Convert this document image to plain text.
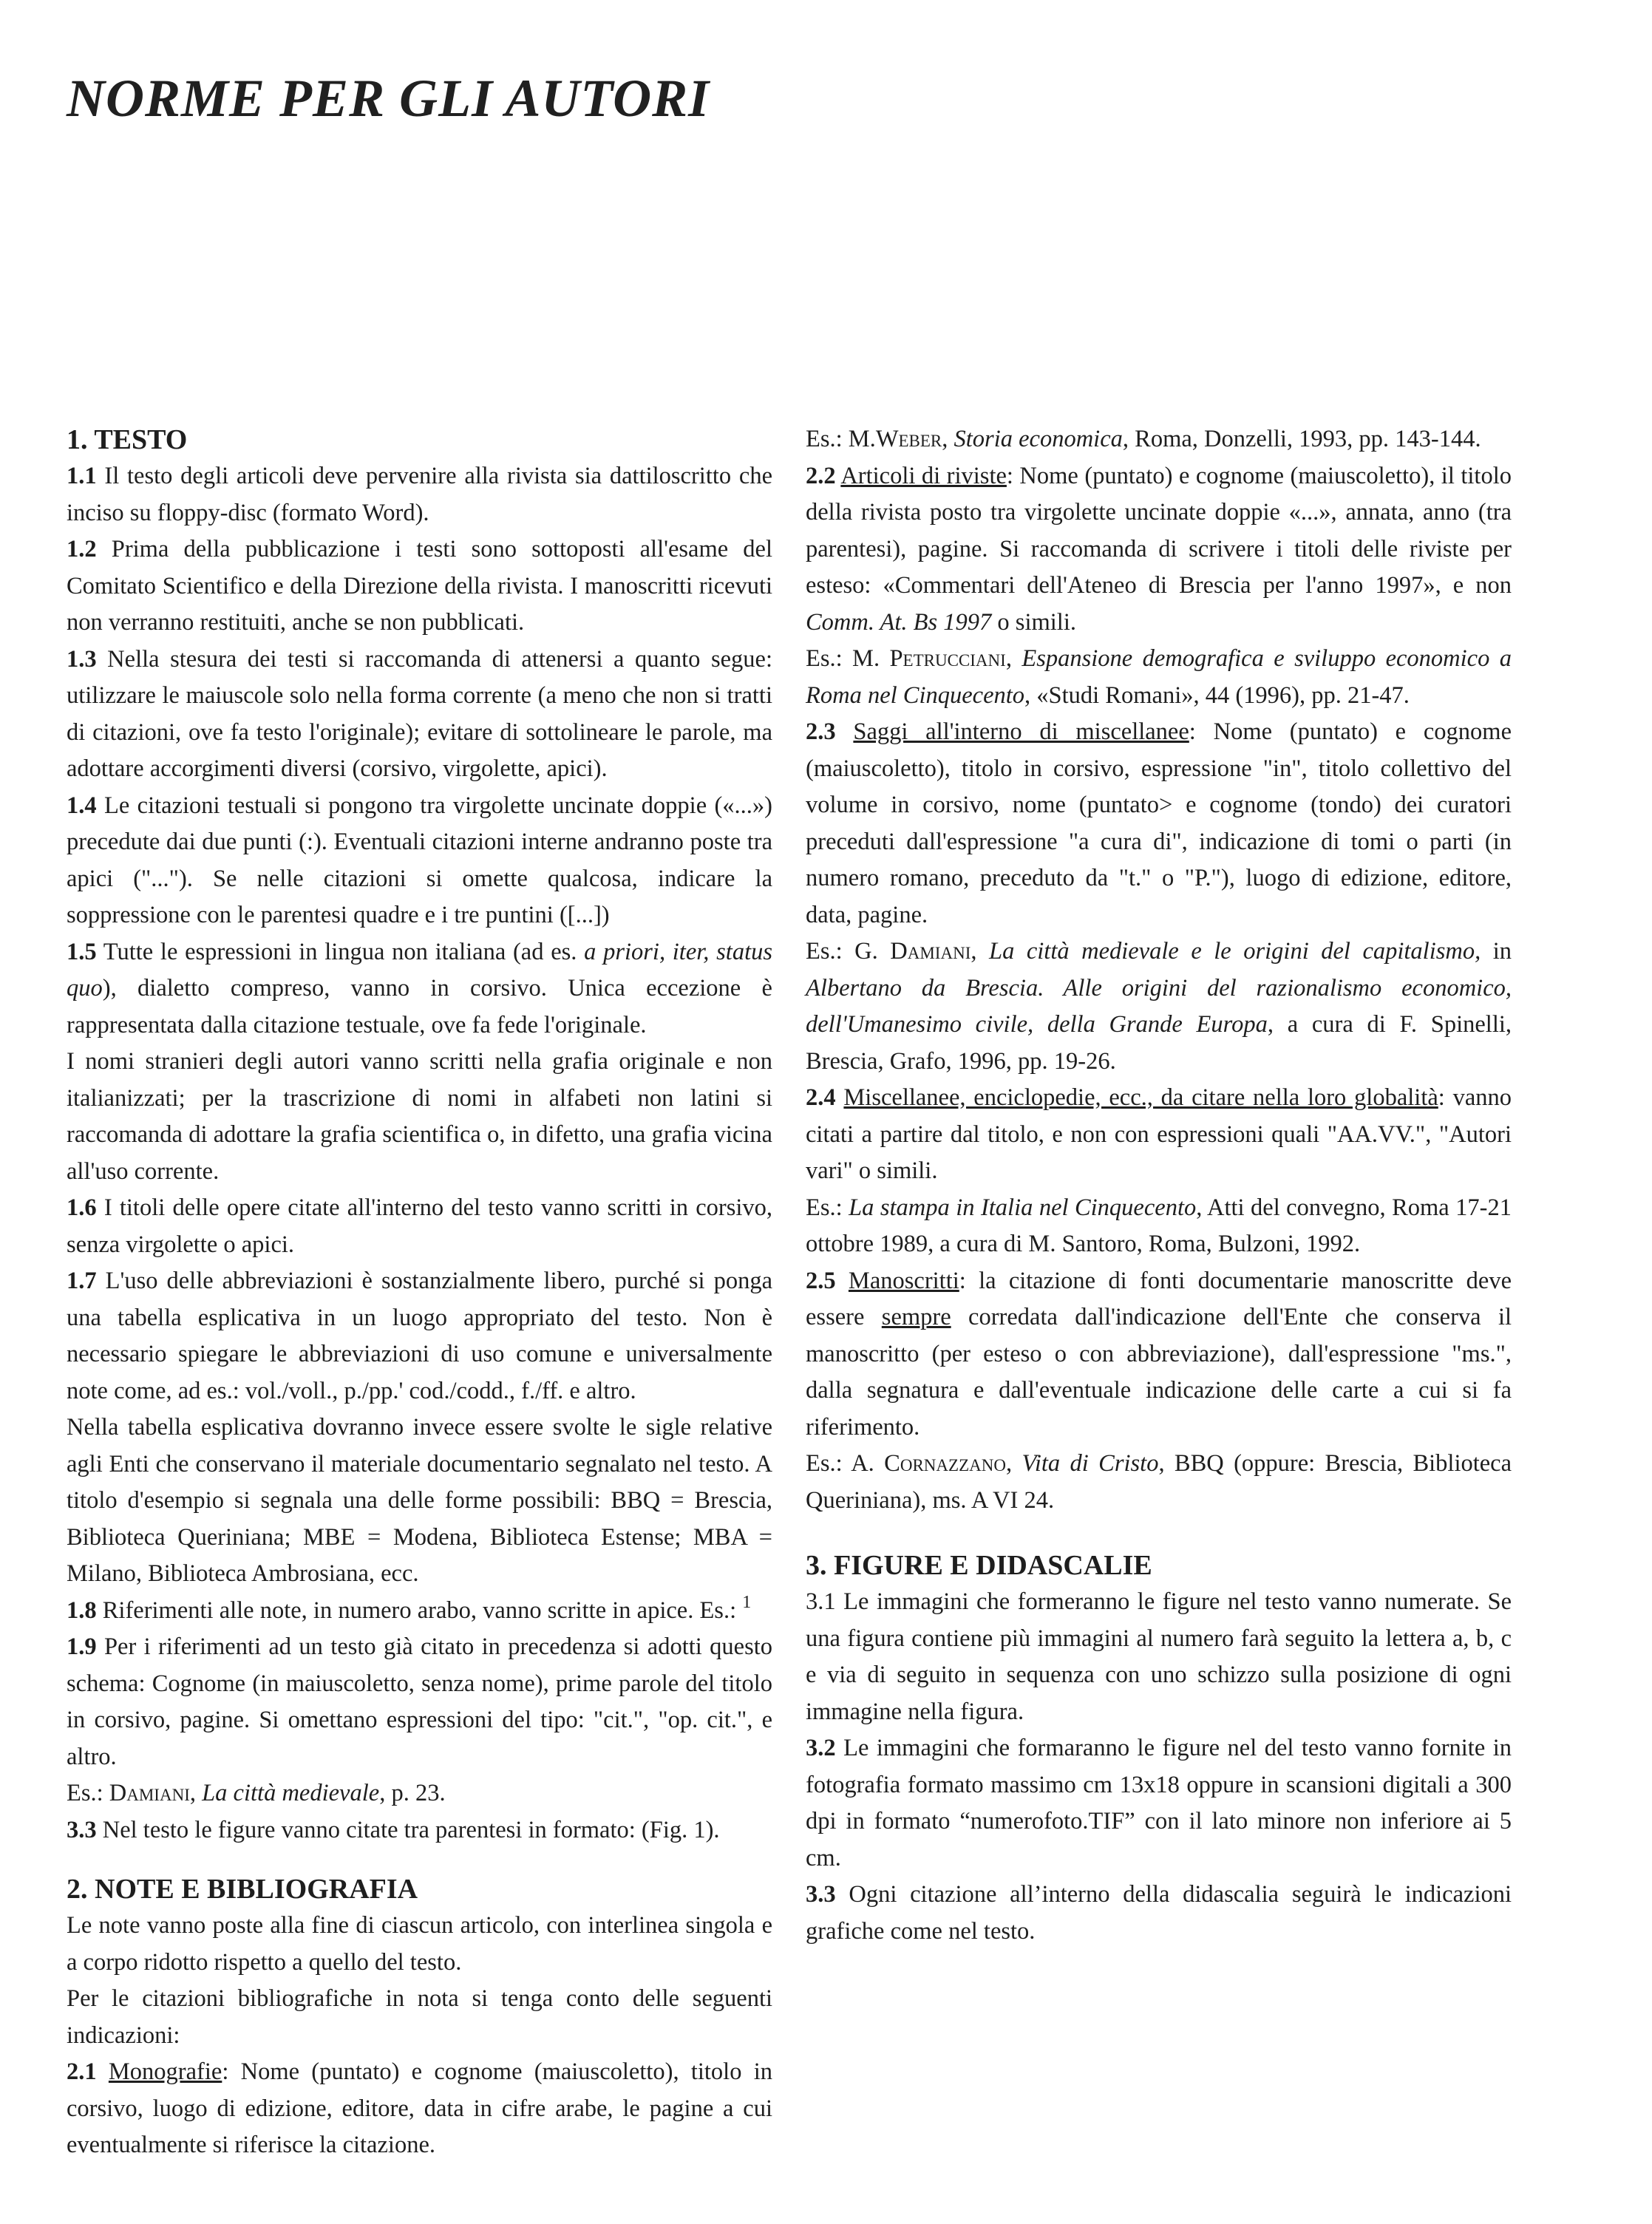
NORME PER GLI AUTORI
1. TESTO

1.1 Il testo degli articoli deve pervenire alla rivista sia dattiloscritto che inciso su floppy-disc (formato Word).

1.2 Prima della pubblicazione i testi sono sottoposti all'esame del Comitato Scientifico e della Direzione della rivista. I manoscritti ricevuti non verranno restituiti, anche se non pubblicati.

1.3 Nella stesura dei testi si raccomanda di attenersi a quanto segue: utilizzare le maiuscole solo nella forma corrente (a meno che non si tratti di citazioni, ove fa testo l'originale); evitare di sottolineare le parole, ma adottare accorgimenti diversi (corsivo, virgolette, apici).

1.4 Le citazioni testuali si pongono tra virgolette uncinate doppie («...») precedute dai due punti (:). Eventuali citazioni interne andranno poste tra apici ("..."). Se nelle citazioni si omette qualcosa, indicare la soppressione con le parentesi quadre e i tre puntini ([...])

1.5 Tutte le espressioni in lingua non italiana (ad es. a priori, iter, status quo), dialetto compreso, vanno in corsivo. Unica eccezione è rappresentata dalla citazione testuale, ove fa fede l'originale.

I nomi stranieri degli autori vanno scritti nella grafia originale e non italianizzati; per la trascrizione di nomi in alfabeti non latini si raccomanda di adottare la grafia scientifica o, in difetto, una grafia vicina all'uso corrente.

1.6 I titoli delle opere citate all'interno del testo vanno scritti in corsivo, senza virgolette o apici.

1.7 L'uso delle abbreviazioni è sostanzialmente libero, purché si ponga una tabella esplicativa in un luogo appropriato del testo. Non è necessario spiegare le abbreviazioni di uso comune e universalmente note come, ad es.: vol./voll., p./pp.' cod./codd., f./ff. e altro.

Nella tabella esplicativa dovranno invece essere svolte le sigle relative agli Enti che conservano il materiale documentario segnalato nel testo. A titolo d'esempio si segnala una delle forme possibili: BBQ = Brescia, Biblioteca Queriniana; MBE = Modena, Biblioteca Estense; MBA = Milano, Biblioteca Ambrosiana, ecc.

1.8 Riferimenti alle note, in numero arabo, vanno scritte in apice. Es.: $^1$

1.9 Per i riferimenti ad un testo già citato in precedenza si adotti questo schema: Cognome (in maiuscoletto, senza nome), prime parole del titolo in corsivo, pagine. Si omettano espressioni del tipo: "cit.", "op. cit.", e altro.

Es.: Damiani, La città medievale, p. 23.

3.3 Nel testo le figure vanno citate tra parentesi in formato: (Fig. 1).

2. NOTE E BIBLIOGRAFIA

Le note vanno poste alla fine di ciascun articolo, con interlinea singola e a corpo ridotto rispetto a quello del testo.

Per le citazioni bibliografiche in nota si tenga conto delle seguenti indicazioni:

2.1 Monografie: Nome (puntato) e cognome (maiuscoletto), titolo in corsivo, luogo di edizione, editore, data in cifre arabe, le pagine a cui eventualmente si riferisce la citazione.

Es.: M.Weber, Storia economica, Roma, Donzelli, 1993, pp. 143-144.

2.2 Articoli di riviste: Nome (puntato) e cognome (maiuscoletto), il titolo della rivista posto tra virgolette uncinate doppie «...», annata, anno (tra parentesi), pagine. Si raccomanda di scrivere i titoli delle riviste per esteso: «Commentari dell'Ateneo di Brescia per l'anno 1997», e non Comm. At. Bs 1997 o simili.

Es.: M. Petrucciani, Espansione demografica e sviluppo economico a Roma nel Cinquecento, «Studi Romani», 44 (1996), pp. 21-47.

2.3 Saggi all'interno di miscellanee: Nome (puntato) e cognome (maiuscoletto), titolo in corsivo, espressione "in", titolo collettivo del volume in corsivo, nome (puntato> e cognome (tondo) dei curatori preceduti dall'espressione "a cura di", indicazione di tomi o parti (in numero romano, preceduto da "t." o "P."), luogo di edizione, editore, data, pagine.

Es.: G. Damiani, La città medievale e le origini del capitalismo, in Albertano da Brescia. Alle origini del razionalismo economico, dell'Umanesimo civile, della Grande Europa, a cura di F. Spinelli, Brescia, Grafo, 1996, pp. 19-26.

2.4 Miscellanee, enciclopedie, ecc., da citare nella loro globalità: vanno citati a partire dal titolo, e non con espressioni quali "AA.VV.", "Autori vari" o simili.

Es.: La stampa in Italia nel Cinquecento, Atti del convegno, Roma 17-21 ottobre 1989, a cura di M. Santoro, Roma, Bulzoni, 1992.

2.5 Manoscritti: la citazione di fonti documentarie manoscritte deve essere sempre corredata dall'indicazione dell'Ente che conserva il manoscritto (per esteso o con abbreviazione), dall'espressione "ms.", dalla segnatura e dall'eventuale indicazione delle carte a cui si fa riferimento.

Es.: A. Cornazzano, Vita di Cristo, BBQ (oppure: Brescia, Biblioteca Queriniana), ms. A VI 24.

3. FIGURE E DIDASCALIE

3.1 Le immagini che formeranno le figure nel testo vanno numerate. Se una figura contiene più immagini al numero farà seguito la lettera a, b, c e via di seguito in sequenza con uno schizzo sulla posizione di ogni immagine nella figura.

3.2 Le immagini che formaranno le figure nel del testo vanno fornite in fotografia formato massimo cm 13x18 oppure in scansioni digitali a 300 dpi in formato “numerofoto.TIF” con il lato minore non inferiore ai 5 cm.

3.3 Ogni citazione all’interno della didascalia seguirà le indicazioni grafiche come nel testo.
